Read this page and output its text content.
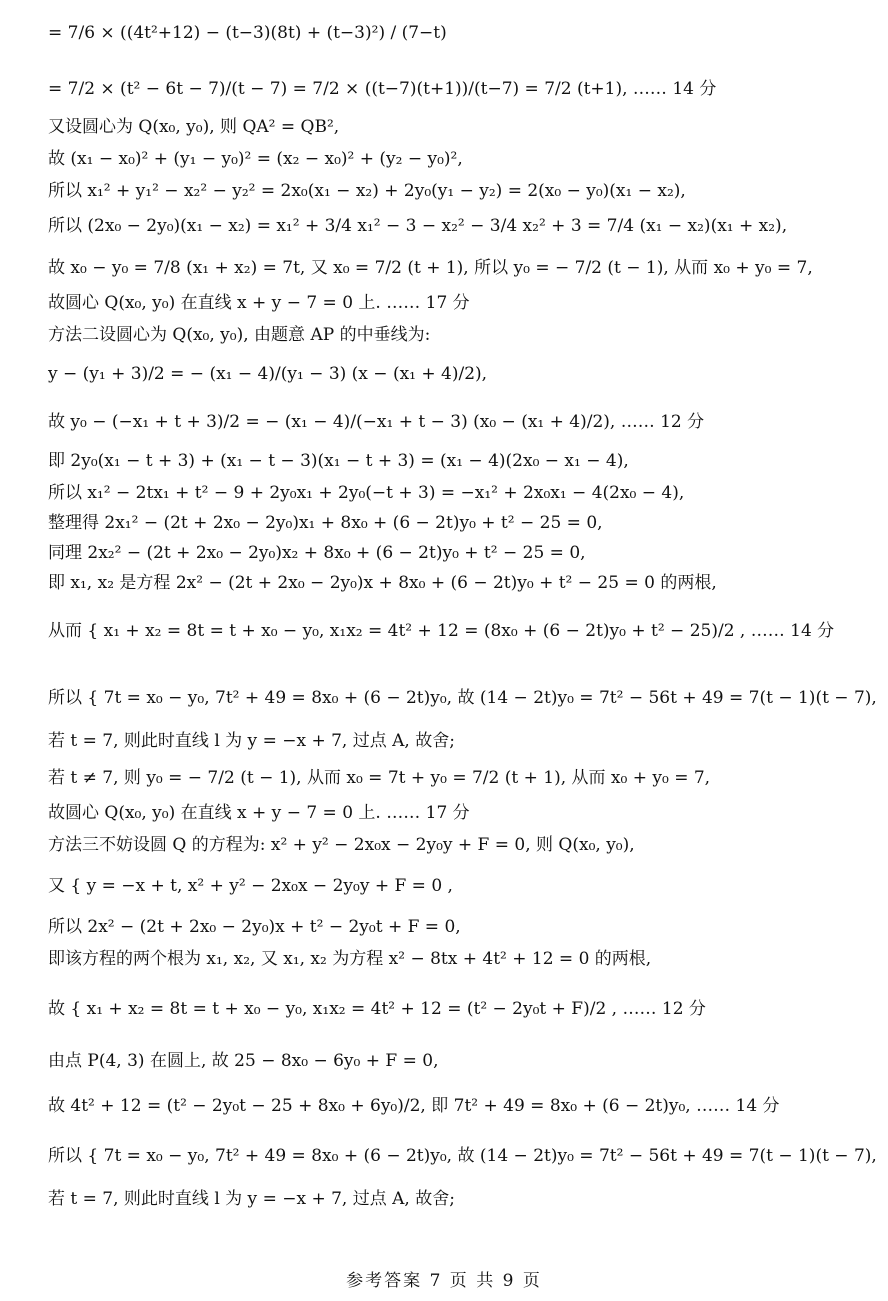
= 7/6 × ((4t²+12) − (t−3)(8t) + (t−3)²) / (7−t)
= 7/2 × (t² − 6t − 7)/(t − 7) = 7/2 × ((t−7)(t+1))/(t−7) = 7/2 (t+1), …… 14 分
又设圆心为 Q(x₀, y₀), 则 QA² = QB²,
故 (x₁ − x₀)² + (y₁ − y₀)² = (x₂ − x₀)² + (y₂ − y₀)²,
所以 x₁² + y₁² − x₂² − y₂² = 2x₀(x₁ − x₂) + 2y₀(y₁ − y₂) = 2(x₀ − y₀)(x₁ − x₂),
所以 (2x₀ − 2y₀)(x₁ − x₂) = x₁² + 3/4 x₁² − 3 − x₂² − 3/4 x₂² + 3 = 7/4 (x₁ − x₂)(x₁ + x₂),
故 x₀ − y₀ = 7/8 (x₁ + x₂) = 7t, 又 x₀ = 7/2 (t + 1), 所以 y₀ = − 7/2 (t − 1), 从而 x₀ + y₀ = 7,
故圆心 Q(x₀, y₀) 在直线 x + y − 7 = 0 上. …… 17 分
方法二设圆心为 Q(x₀, y₀), 由题意 AP 的中垂线为:
y − (y₁ + 3)/2 = − (x₁ − 4)/(y₁ − 3) (x − (x₁ + 4)/2),
故 y₀ − (−x₁ + t + 3)/2 = − (x₁ − 4)/(−x₁ + t − 3) (x₀ − (x₁ + 4)/2), …… 12 分
即 2y₀(x₁ − t + 3) + (x₁ − t − 3)(x₁ − t + 3) = (x₁ − 4)(2x₀ − x₁ − 4),
所以 x₁² − 2tx₁ + t² − 9 + 2y₀x₁ + 2y₀(−t + 3) = −x₁² + 2x₀x₁ − 4(2x₀ − 4),
整理得 2x₁² − (2t + 2x₀ − 2y₀)x₁ + 8x₀ + (6 − 2t)y₀ + t² − 25 = 0,
同理 2x₂² − (2t + 2x₀ − 2y₀)x₂ + 8x₀ + (6 − 2t)y₀ + t² − 25 = 0,
即 x₁, x₂ 是方程 2x² − (2t + 2x₀ − 2y₀)x + 8x₀ + (6 − 2t)y₀ + t² − 25 = 0 的两根,
从而 { x₁ + x₂ = 8t = t + x₀ − y₀, x₁x₂ = 4t² + 12 = (8x₀ + (6 − 2t)y₀ + t² − 25)/2 , …… 14 分
所以 { 7t = x₀ − y₀, 7t² + 49 = 8x₀ + (6 − 2t)y₀, 故 (14 − 2t)y₀ = 7t² − 56t + 49 = 7(t − 1)(t − 7),
若 t = 7, 则此时直线 l 为 y = −x + 7, 过点 A, 故舍;
若 t ≠ 7, 则 y₀ = − 7/2 (t − 1), 从而 x₀ = 7t + y₀ = 7/2 (t + 1), 从而 x₀ + y₀ = 7,
故圆心 Q(x₀, y₀) 在直线 x + y − 7 = 0 上. …… 17 分
方法三不妨设圆 Q 的方程为: x² + y² − 2x₀x − 2y₀y + F = 0, 则 Q(x₀, y₀),
又 { y = −x + t, x² + y² − 2x₀x − 2y₀y + F = 0 ,
所以 2x² − (2t + 2x₀ − 2y₀)x + t² − 2y₀t + F = 0,
即该方程的两个根为 x₁, x₂, 又 x₁, x₂ 为方程 x² − 8tx + 4t² + 12 = 0 的两根,
故 { x₁ + x₂ = 8t = t + x₀ − y₀, x₁x₂ = 4t² + 12 = (t² − 2y₀t + F)/2 , …… 12 分
由点 P(4, 3) 在圆上, 故 25 − 8x₀ − 6y₀ + F = 0,
故 4t² + 12 = (t² − 2y₀t − 25 + 8x₀ + 6y₀)/2, 即 7t² + 49 = 8x₀ + (6 − 2t)y₀, …… 14 分
所以 { 7t = x₀ − y₀, 7t² + 49 = 8x₀ + (6 − 2t)y₀, 故 (14 − 2t)y₀ = 7t² − 56t + 49 = 7(t − 1)(t − 7),
若 t = 7, 则此时直线 l 为 y = −x + 7, 过点 A, 故舍;
参考答案 7 页 共 9 页
